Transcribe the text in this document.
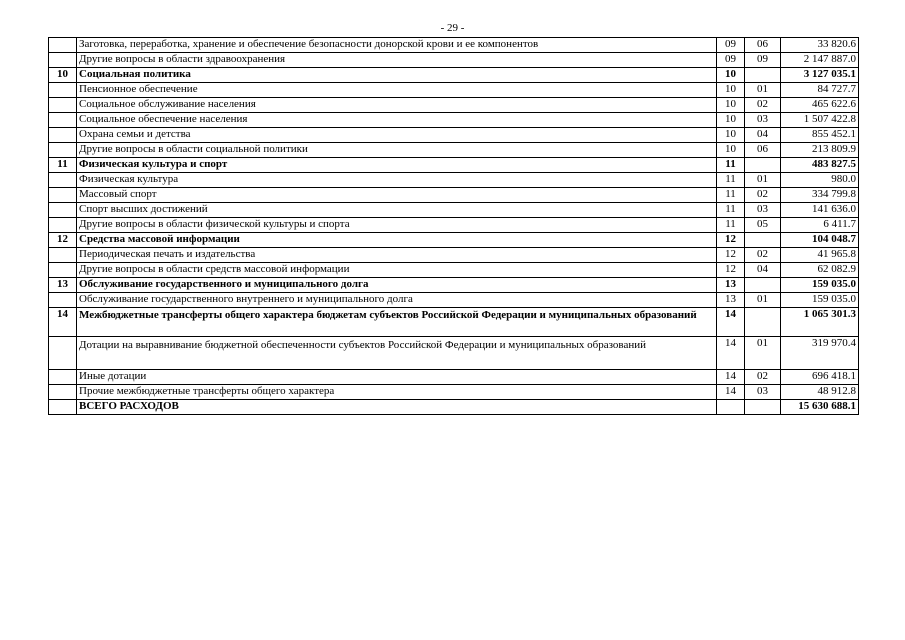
- 29 -
	Заготовка, переработка, хранение и обеспечение безопасности донорской крови и ее компонентов	09	06	33 820.6
	Другие вопросы в области здравоохранения	09	09	2 147 887.0
10	Социальная политика	10		3 127 035.1
	Пенсионное обеспечение	10	01	84 727.7
	Социальное обслуживание населения	10	02	465 622.6
	Социальное обеспечение населения	10	03	1 507 422.8
	Охрана семьи и детства	10	04	855 452.1
	Другие вопросы в области социальной политики	10	06	213 809.9
11	Физическая культура и спорт	11		483 827.5
	Физическая культура	11	01	980.0
	Массовый спорт	11	02	334 799.8
	Спорт высших достижений	11	03	141 636.0
	Другие вопросы в области физической культуры и спорта	11	05	6 411.7
12	Средства массовой информации	12		104 048.7
	Периодическая печать и издательства	12	02	41 965.8
	Другие вопросы в области средств массовой информации	12	04	62 082.9
13	Обслуживание государственного и муниципального долга	13		159 035.0
	Обслуживание государственного внутреннего и муниципального долга	13	01	159 035.0
14	Межбюджетные трансферты общего характера бюджетам субъектов Российской Федерации и муниципальных образований	14		1 065 301.3
	Дотации на выравнивание бюджетной обеспеченности субъектов Российской Федерации и муниципальных образований	14	01	319 970.4
	Иные дотации	14	02	696 418.1
	Прочие межбюджетные трансферты общего характера	14	03	48 912.8
	ВСЕГО РАСХОДОВ			15 630 688.1
